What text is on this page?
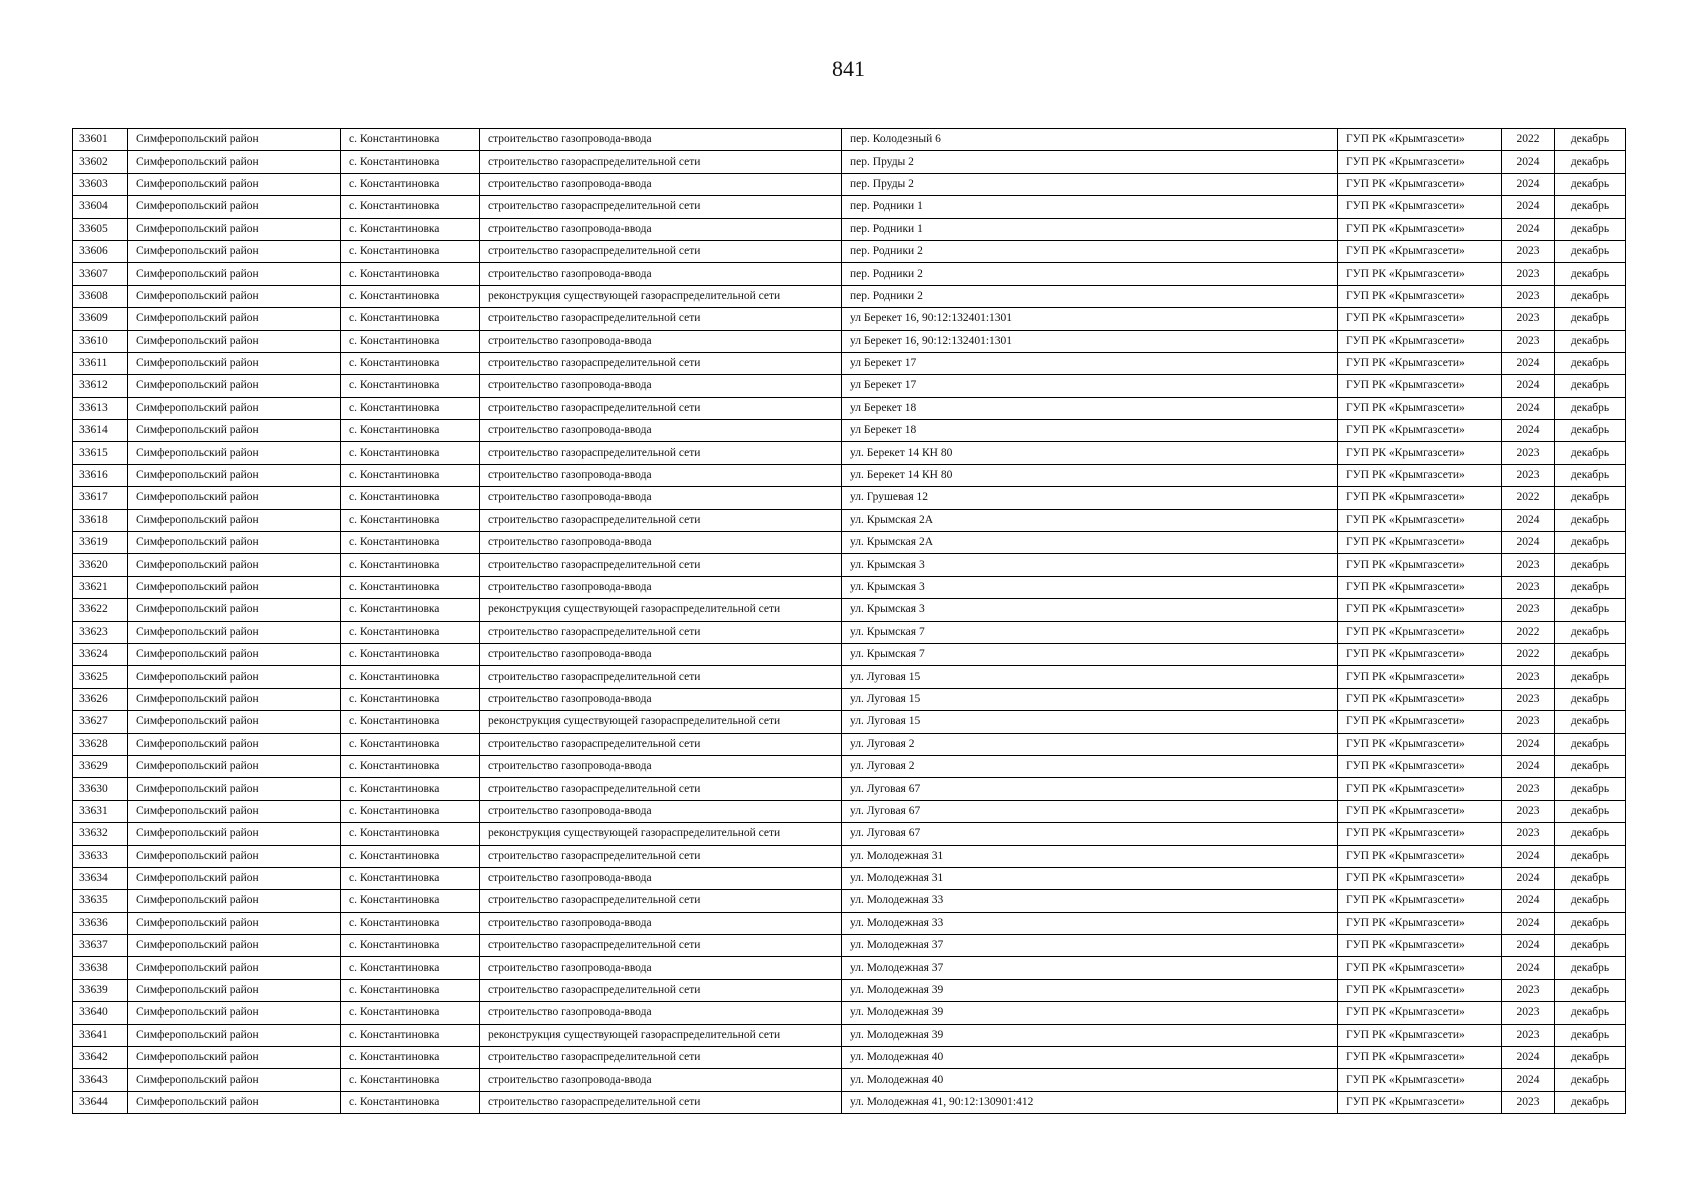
841
33601	Симферопольский район	с. Константиновка	строительство газопровода-ввода	пер. Колодезный 6	ГУП РК «Крымгазсети»	2022	декабрь
33602	Симферопольский район	с. Константиновка	строительство газораспределительной сети	пер. Пруды 2	ГУП РК «Крымгазсети»	2024	декабрь
33603	Симферопольский район	с. Константиновка	строительство газопровода-ввода	пер. Пруды 2	ГУП РК «Крымгазсети»	2024	декабрь
33604	Симферопольский район	с. Константиновка	строительство газораспределительной сети	пер. Родники 1	ГУП РК «Крымгазсети»	2024	декабрь
33605	Симферопольский район	с. Константиновка	строительство газопровода-ввода	пер. Родники 1	ГУП РК «Крымгазсети»	2024	декабрь
33606	Симферопольский район	с. Константиновка	строительство газораспределительной сети	пер. Родники 2	ГУП РК «Крымгазсети»	2023	декабрь
33607	Симферопольский район	с. Константиновка	строительство газопровода-ввода	пер. Родники 2	ГУП РК «Крымгазсети»	2023	декабрь
33608	Симферопольский район	с. Константиновка	реконструкция существующей газораспределительной сети	пер. Родники 2	ГУП РК «Крымгазсети»	2023	декабрь
33609	Симферопольский район	с. Константиновка	строительство газораспределительной сети	ул Берекет 16, 90:12:132401:1301	ГУП РК «Крымгазсети»	2023	декабрь
33610	Симферопольский район	с. Константиновка	строительство газопровода-ввода	ул Берекет 16, 90:12:132401:1301	ГУП РК «Крымгазсети»	2023	декабрь
33611	Симферопольский район	с. Константиновка	строительство газораспределительной сети	ул Берекет 17	ГУП РК «Крымгазсети»	2024	декабрь
33612	Симферопольский район	с. Константиновка	строительство газопровода-ввода	ул Берекет 17	ГУП РК «Крымгазсети»	2024	декабрь
33613	Симферопольский район	с. Константиновка	строительство газораспределительной сети	ул Берекет 18	ГУП РК «Крымгазсети»	2024	декабрь
33614	Симферопольский район	с. Константиновка	строительство газопровода-ввода	ул Берекет 18	ГУП РК «Крымгазсети»	2024	декабрь
33615	Симферопольский район	с. Константиновка	строительство газораспределительной сети	ул. Берекет 14 КН 80	ГУП РК «Крымгазсети»	2023	декабрь
33616	Симферопольский район	с. Константиновка	строительство газопровода-ввода	ул. Берекет 14 КН 80	ГУП РК «Крымгазсети»	2023	декабрь
33617	Симферопольский район	с. Константиновка	строительство газопровода-ввода	ул. Грушевая 12	ГУП РК «Крымгазсети»	2022	декабрь
33618	Симферопольский район	с. Константиновка	строительство газораспределительной сети	ул. Крымская 2А	ГУП РК «Крымгазсети»	2024	декабрь
33619	Симферопольский район	с. Константиновка	строительство газопровода-ввода	ул. Крымская 2А	ГУП РК «Крымгазсети»	2024	декабрь
33620	Симферопольский район	с. Константиновка	строительство газораспределительной сети	ул. Крымская 3	ГУП РК «Крымгазсети»	2023	декабрь
33621	Симферопольский район	с. Константиновка	строительство газопровода-ввода	ул. Крымская 3	ГУП РК «Крымгазсети»	2023	декабрь
33622	Симферопольский район	с. Константиновка	реконструкция существующей газораспределительной сети	ул. Крымская 3	ГУП РК «Крымгазсети»	2023	декабрь
33623	Симферопольский район	с. Константиновка	строительство газораспределительной сети	ул. Крымская 7	ГУП РК «Крымгазсети»	2022	декабрь
33624	Симферопольский район	с. Константиновка	строительство газопровода-ввода	ул. Крымская 7	ГУП РК «Крымгазсети»	2022	декабрь
33625	Симферопольский район	с. Константиновка	строительство газораспределительной сети	ул. Луговая 15	ГУП РК «Крымгазсети»	2023	декабрь
33626	Симферопольский район	с. Константиновка	строительство газопровода-ввода	ул. Луговая 15	ГУП РК «Крымгазсети»	2023	декабрь
33627	Симферопольский район	с. Константиновка	реконструкция существующей газораспределительной сети	ул. Луговая 15	ГУП РК «Крымгазсети»	2023	декабрь
33628	Симферопольский район	с. Константиновка	строительство газораспределительной сети	ул. Луговая 2	ГУП РК «Крымгазсети»	2024	декабрь
33629	Симферопольский район	с. Константиновка	строительство газопровода-ввода	ул. Луговая 2	ГУП РК «Крымгазсети»	2024	декабрь
33630	Симферопольский район	с. Константиновка	строительство газораспределительной сети	ул. Луговая 67	ГУП РК «Крымгазсети»	2023	декабрь
33631	Симферопольский район	с. Константиновка	строительство газопровода-ввода	ул. Луговая 67	ГУП РК «Крымгазсети»	2023	декабрь
33632	Симферопольский район	с. Константиновка	реконструкция существующей газораспределительной сети	ул. Луговая 67	ГУП РК «Крымгазсети»	2023	декабрь
33633	Симферопольский район	с. Константиновка	строительство газораспределительной сети	ул. Молодежная 31	ГУП РК «Крымгазсети»	2024	декабрь
33634	Симферопольский район	с. Константиновка	строительство газопровода-ввода	ул. Молодежная 31	ГУП РК «Крымгазсети»	2024	декабрь
33635	Симферопольский район	с. Константиновка	строительство газораспределительной сети	ул. Молодежная 33	ГУП РК «Крымгазсети»	2024	декабрь
33636	Симферопольский район	с. Константиновка	строительство газопровода-ввода	ул. Молодежная 33	ГУП РК «Крымгазсети»	2024	декабрь
33637	Симферопольский район	с. Константиновка	строительство газораспределительной сети	ул. Молодежная 37	ГУП РК «Крымгазсети»	2024	декабрь
33638	Симферопольский район	с. Константиновка	строительство газопровода-ввода	ул. Молодежная 37	ГУП РК «Крымгазсети»	2024	декабрь
33639	Симферопольский район	с. Константиновка	строительство газораспределительной сети	ул. Молодежная 39	ГУП РК «Крымгазсети»	2023	декабрь
33640	Симферопольский район	с. Константиновка	строительство газопровода-ввода	ул. Молодежная 39	ГУП РК «Крымгазсети»	2023	декабрь
33641	Симферопольский район	с. Константиновка	реконструкция существующей газораспределительной сети	ул. Молодежная 39	ГУП РК «Крымгазсети»	2023	декабрь
33642	Симферопольский район	с. Константиновка	строительство газораспределительной сети	ул. Молодежная 40	ГУП РК «Крымгазсети»	2024	декабрь
33643	Симферопольский район	с. Константиновка	строительство газопровода-ввода	ул. Молодежная 40	ГУП РК «Крымгазсети»	2024	декабрь
33644	Симферопольский район	с. Константиновка	строительство газораспределительной сети	ул. Молодежная 41, 90:12:130901:412	ГУП РК «Крымгазсети»	2023	декабрь
